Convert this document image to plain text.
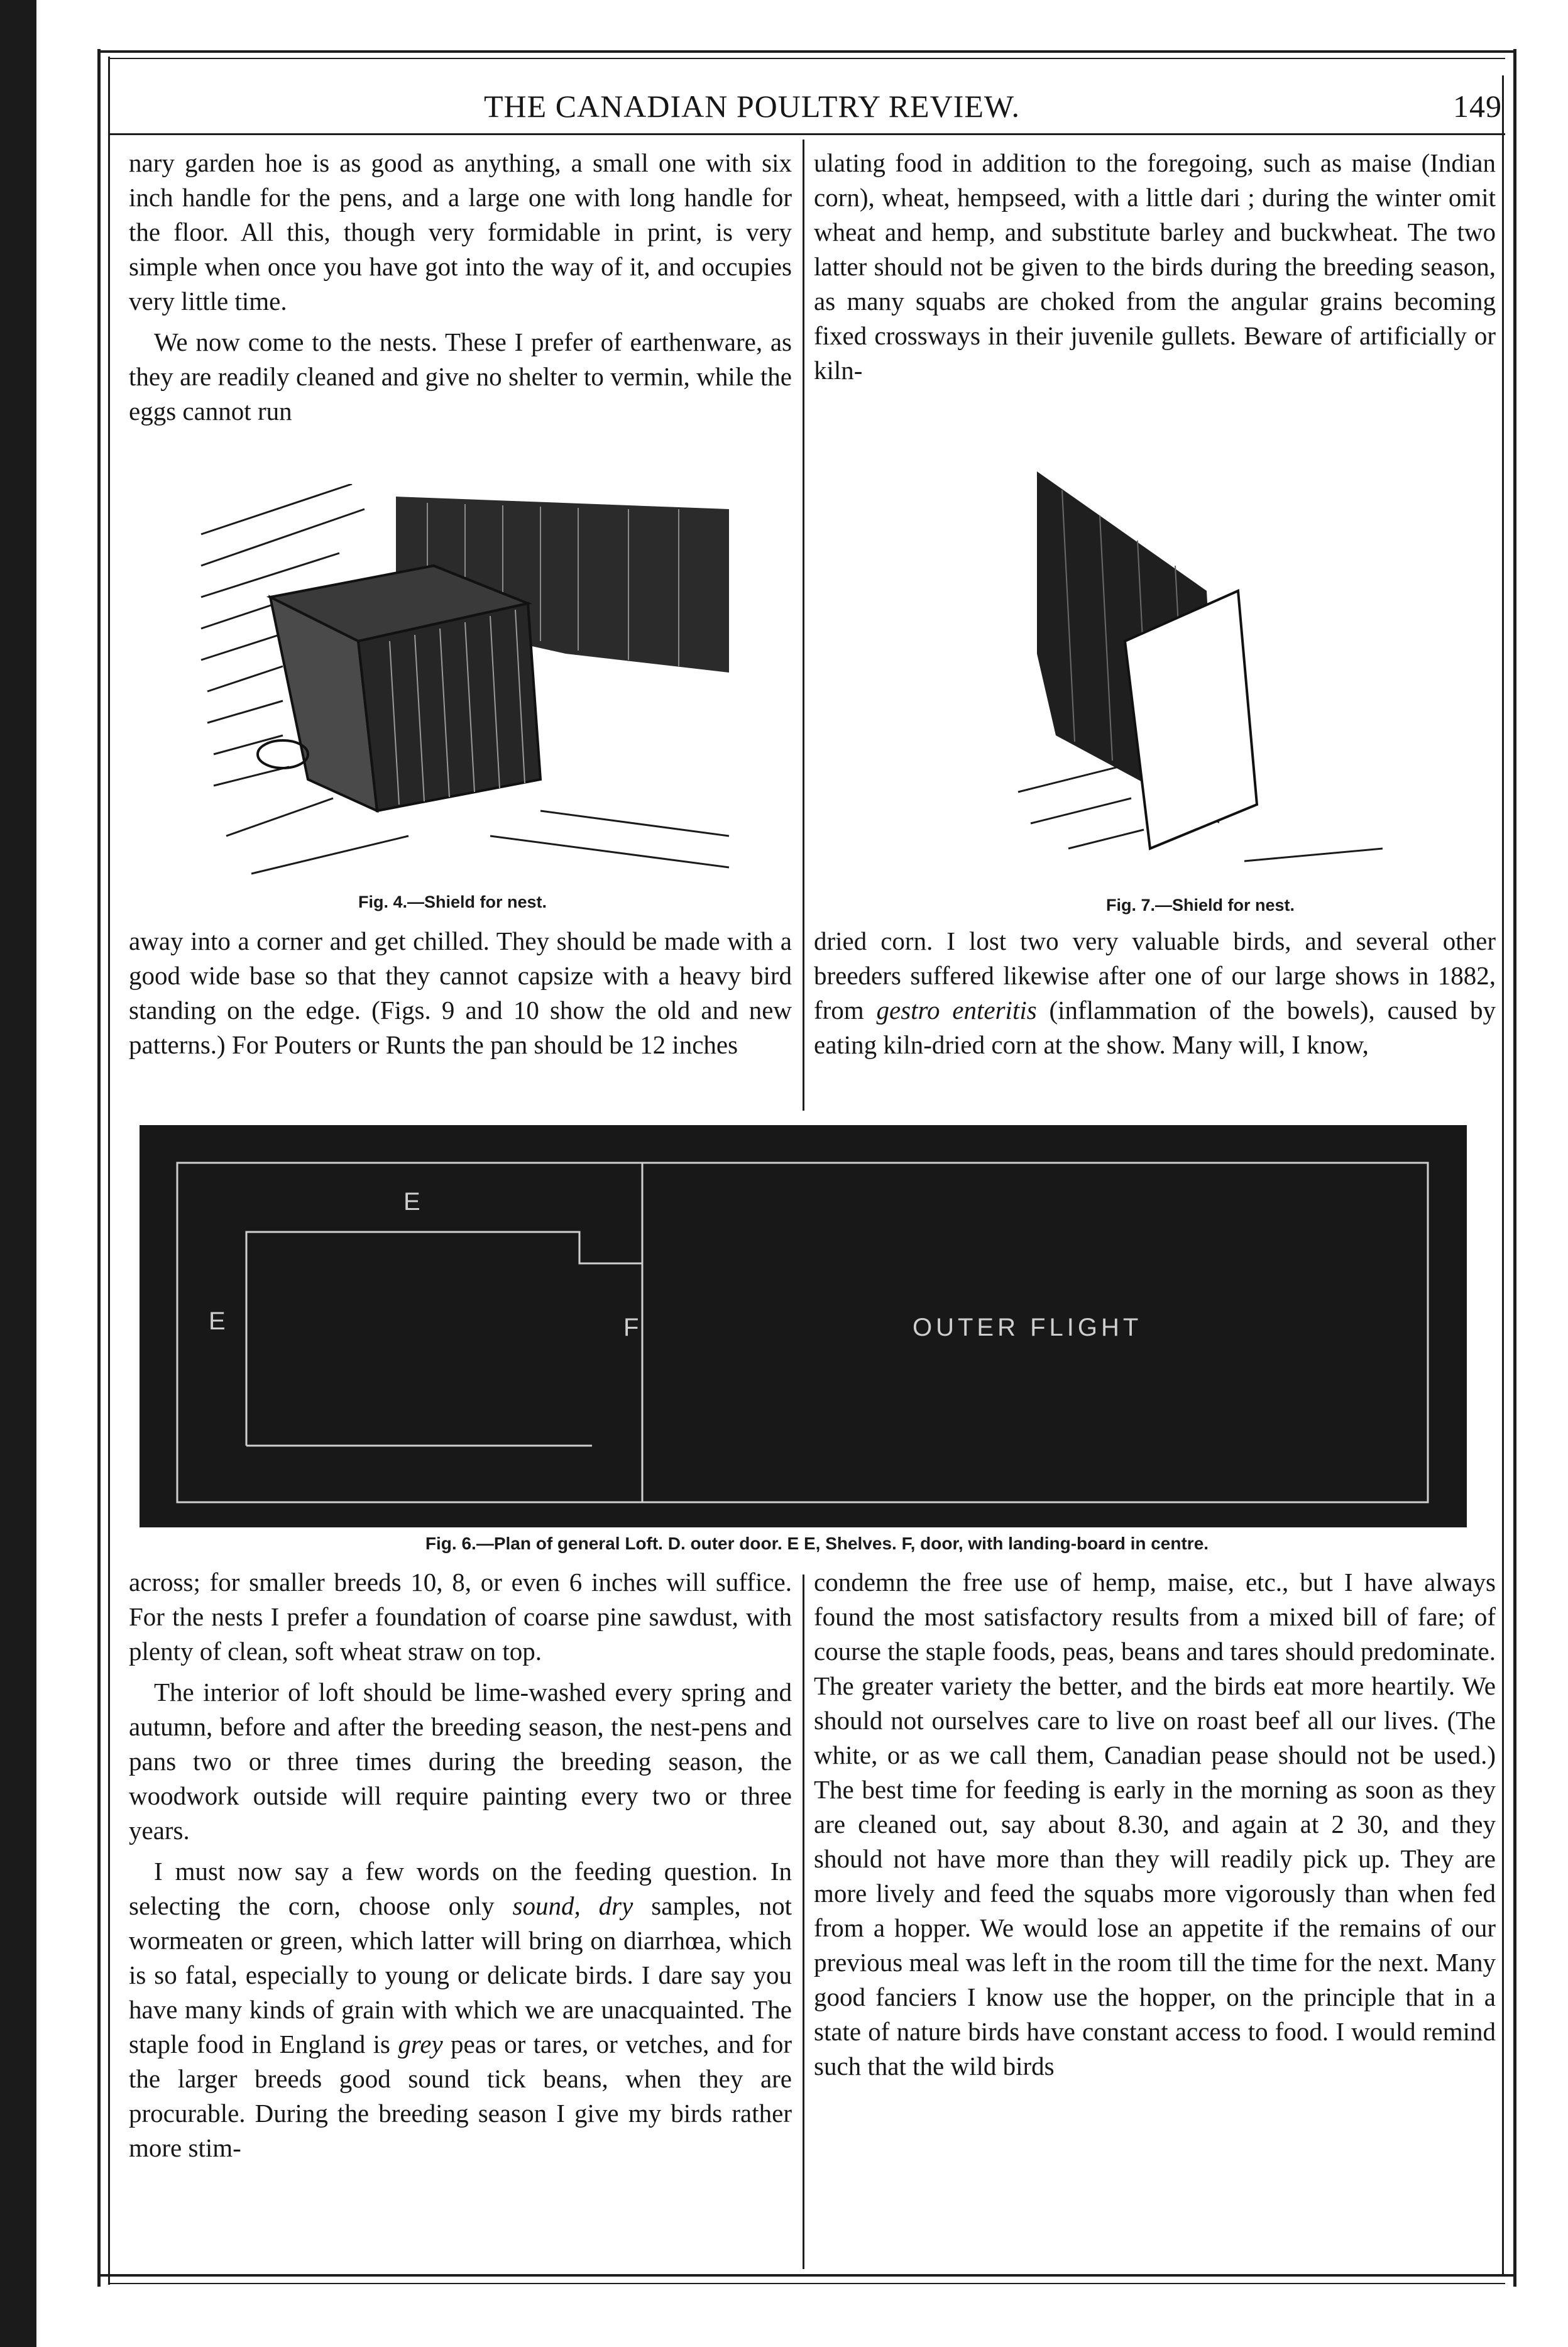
THE CANADIAN POULTRY REVIEW.	149

nary garden hoe is as good as anything, a small one with six inch handle for the pens, and a large one with long handle for the floor. All this, though very formidable in print, is very simple when once you have got into the way of it, and occupies very little time.

We now come to the nests. These I prefer of earthenware, as they are readily cleaned and give no shelter to vermin, while the eggs cannot run

ulating food in addition to the foregoing, such as maise (Indian corn), wheat, hempseed, with a little dari ; during the winter omit wheat and hemp, and substitute barley and buckwheat. The two latter should not be given to the birds during the breeding season, as many squabs are choked from the angular grains becoming fixed crossways in their juvenile gullets. Beware of artificially or kiln-

Fig. 4.—Shield for nest.	Fig. 7.—Shield for nest.

away into a corner and get chilled. They should be made with a good wide base so that they cannot capsize with a heavy bird standing on the edge. (Figs. 9 and 10 show the old and new patterns.) For Pouters or Runts the pan should be 12 inches

dried corn. I lost two very valuable birds, and several other breeders suffered likewise after one of our large shows in 1882, from gestro enteritis (inflammation of the bowels), caused by eating kiln-dried corn at the show. Many will, I know,

E
E	F	OUTER FLIGHT
Fig. 6.—Plan of general Loft. D. outer door. E E, Shelves. F, door, with landing-board in centre.

across; for smaller breeds 10, 8, or even 6 inches will suffice. For the nests I prefer a foundation of coarse pine sawdust, with plenty of clean, soft wheat straw on top.

The interior of loft should be lime-washed every spring and autumn, before and after the breeding season, the nest-pens and pans two or three times during the breeding season, the woodwork outside will require painting every two or three years.

I must now say a few words on the feeding question. In selecting the corn, choose only sound, dry samples, not wormeaten or green, which latter will bring on diarrhœa, which is so fatal, especially to young or delicate birds. I dare say you have many kinds of grain with which we are unacquainted. The staple food in England is grey peas or tares, or vetches, and for the larger breeds good sound tick beans, when they are procurable. During the breeding season I give my birds rather more stim-

condemn the free use of hemp, maise, etc., but I have always found the most satisfactory results from a mixed bill of fare; of course the staple foods, peas, beans and tares should predominate. The greater variety the better, and the birds eat more heartily. We should not ourselves care to live on roast beef all our lives. (The white, or as we call them, Canadian pease should not be used.) The best time for feeding is early in the morning as soon as they are cleaned out, say about 8.30, and again at 2 30, and they should not have more than they will readily pick up. They are more lively and feed the squabs more vigorously than when fed from a hopper. We would lose an appetite if the remains of our previous meal was left in the room till the time for the next. Many good fanciers I know use the hopper, on the principle that in a state of nature birds have constant access to food. I would remind such that the wild birds
